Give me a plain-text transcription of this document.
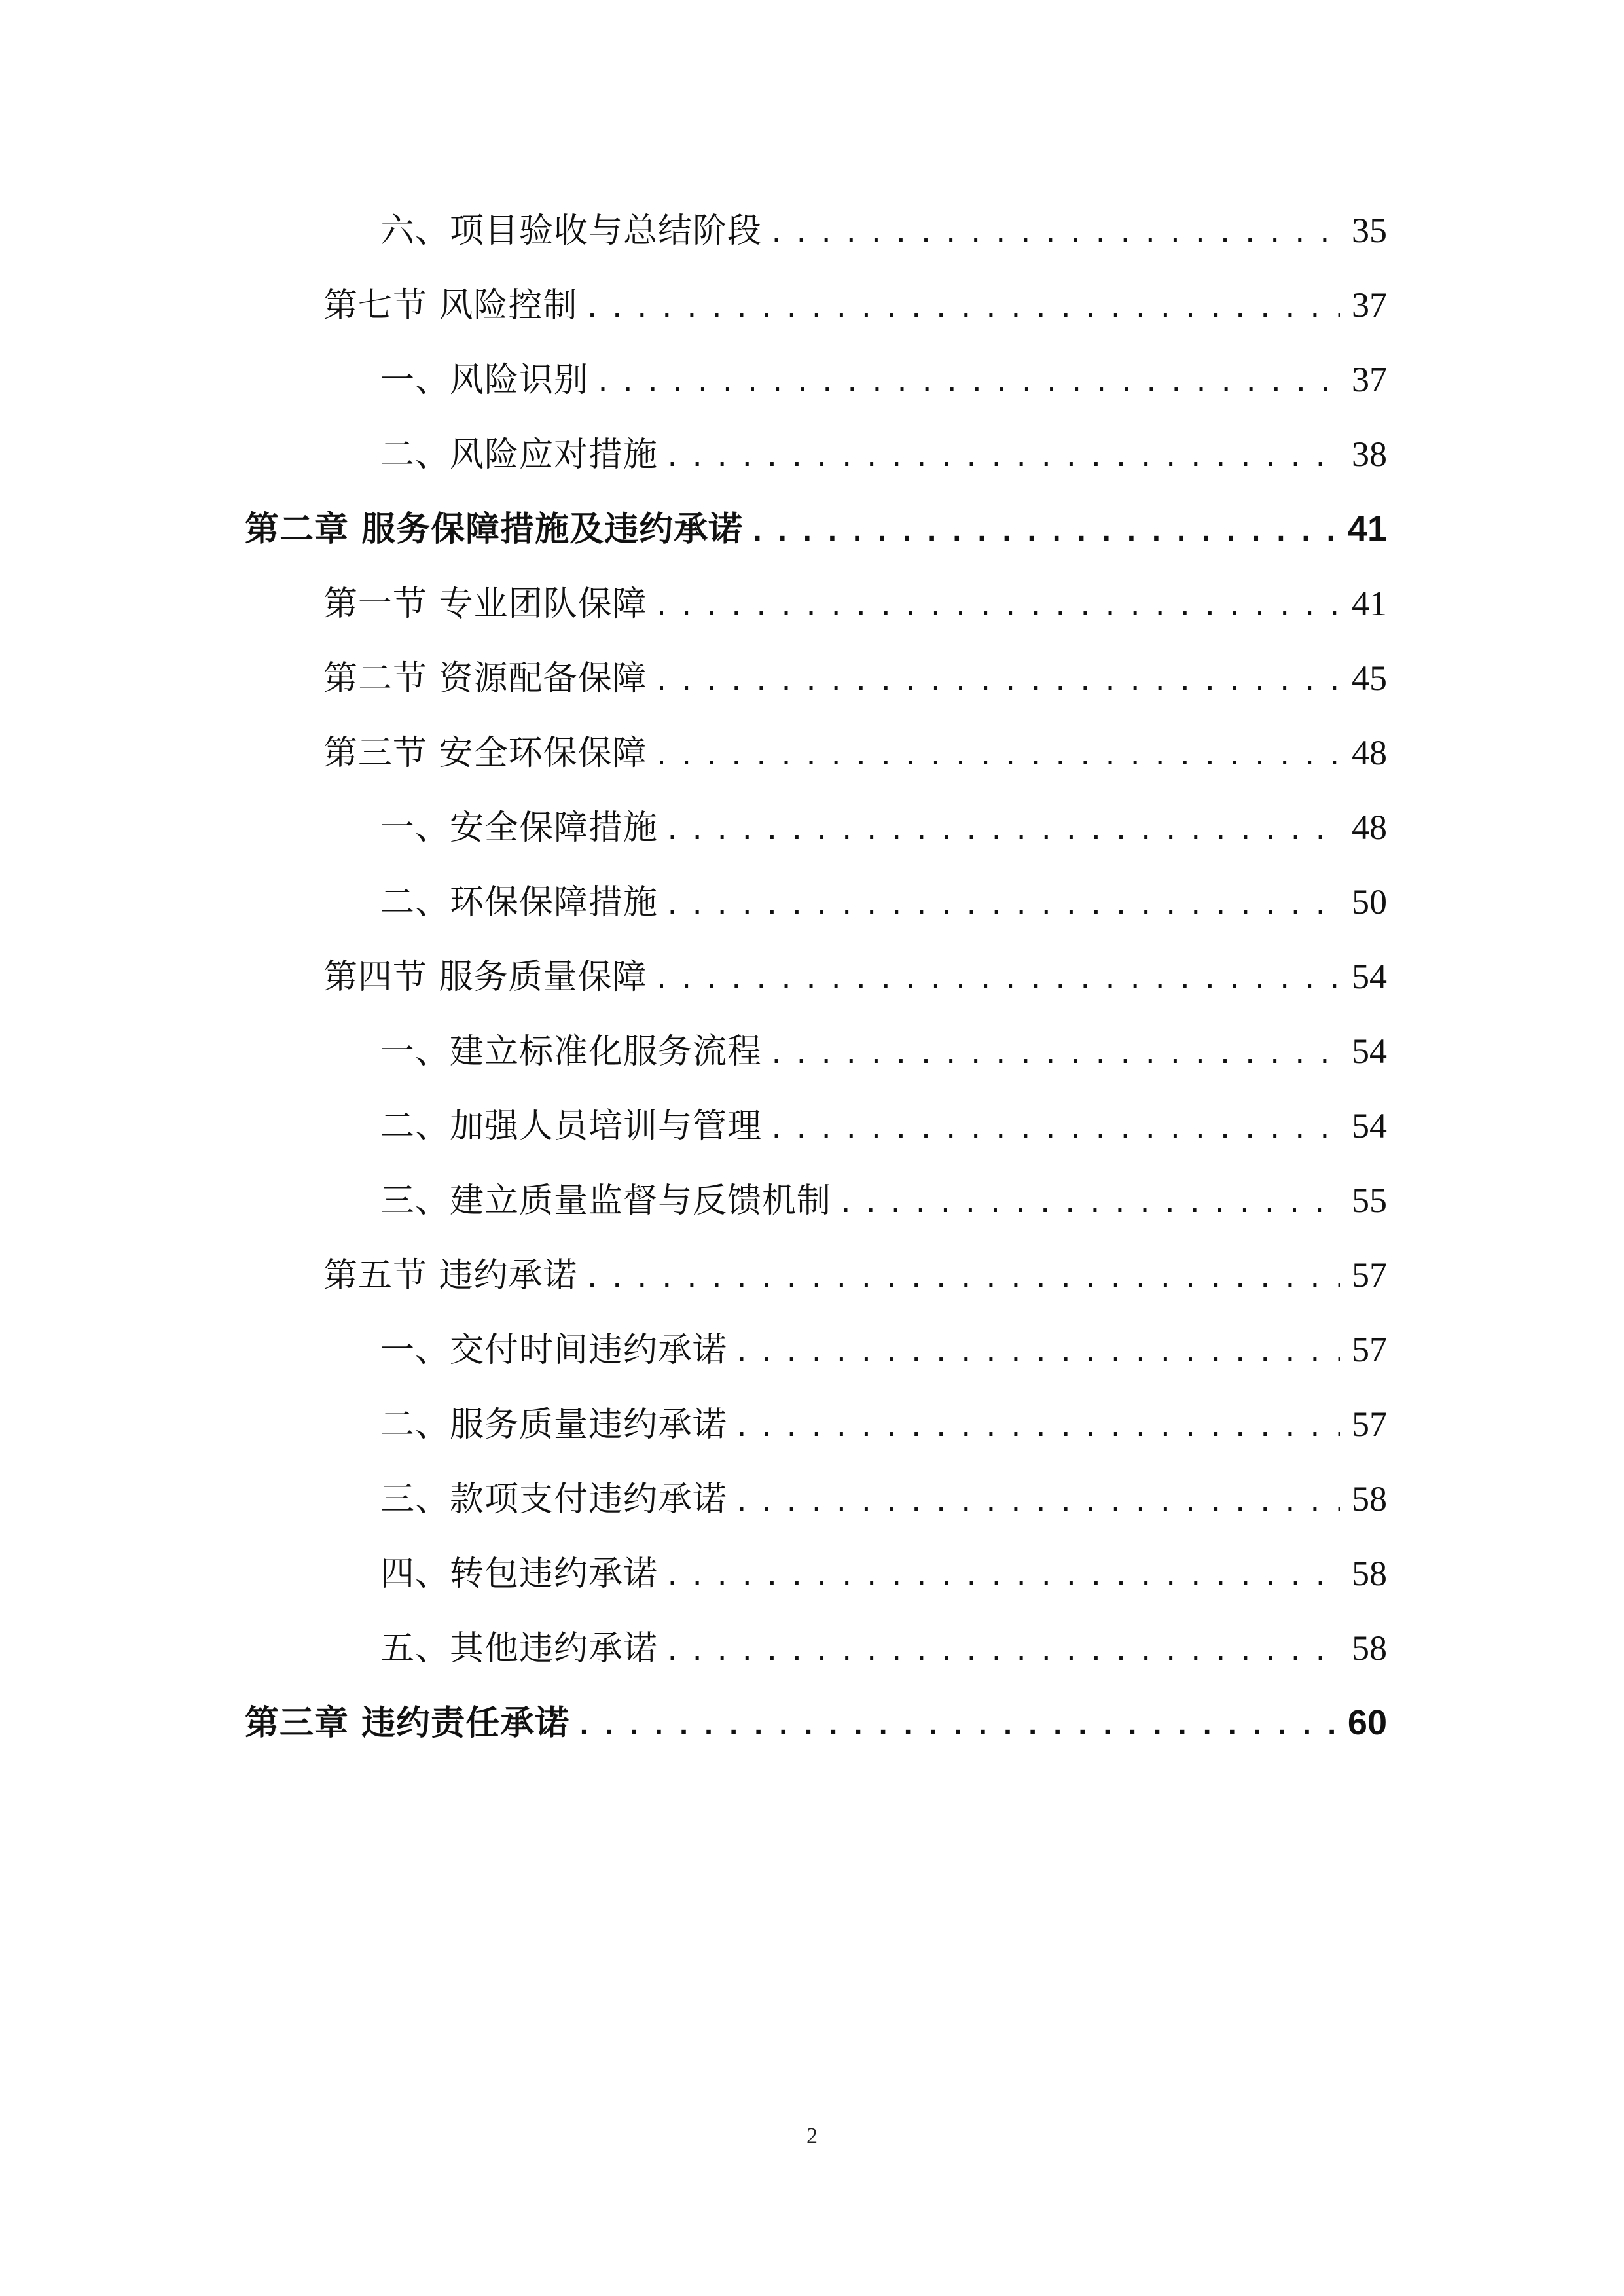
六、项目验收与总结阶段 .....	35
第七节 风险控制 .....	37
一、风险识别 .....	37
二、风险应对措施 .....	38
第二章 服务保障措施及违约承诺 .....	41
第一节 专业团队保障 .....	41
第二节 资源配备保障 .....	45
第三节 安全环保保障 .....	48
一、安全保障措施 .....	48
二、环保保障措施 .....	50
第四节 服务质量保障 .....	54
一、建立标准化服务流程 .....	54
二、加强人员培训与管理 .....	54
三、建立质量监督与反馈机制 .....	55
第五节 违约承诺 .....	57
一、交付时间违约承诺 .....	57
二、服务质量违约承诺 .....	57
三、款项支付违约承诺 .....	58
四、转包违约承诺 .....	58
五、其他违约承诺 .....	58
第三章 违约责任承诺 .....	60
2
